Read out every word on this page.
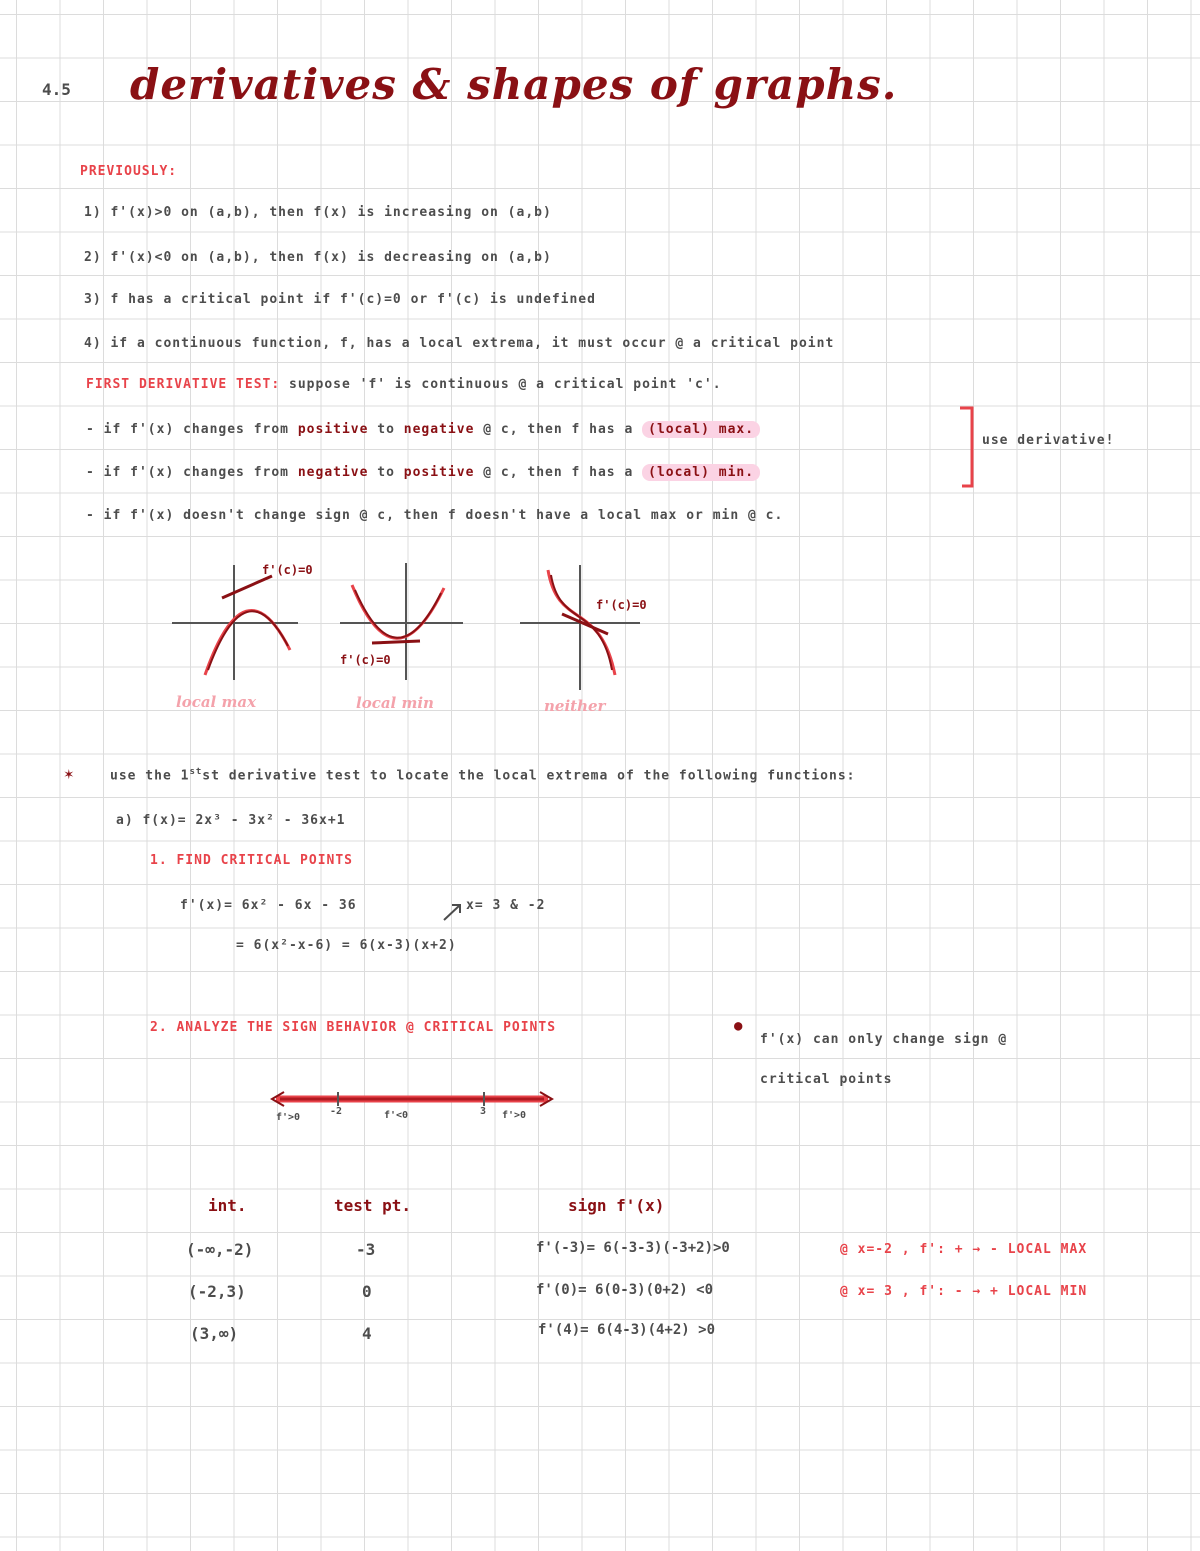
4.5 derivatives & shapes of graphs.
PREVIOUSLY:
1) f'(x)>0 on (a,b), then f(x) is increasing on (a,b)
2) f'(x)<0 on (a,b), then f(x) is decreasing on (a,b)
3) f has a critical point if f'(c)=0 or f'(c) is undefined
4) if a continuous function, f, has a local extrema, it must occur @ a critical point
FIRST DERIVATIVE TEST: suppose 'f' is continuous @ a critical point 'c'.
- if f'(x) changes from positive to negative @ c, then f has a (local) max.
- if f'(x) changes from negative to positive @ c, then f has a (local) min.
- if f'(x) doesn't change sign @ c, then f doesn't have a local max or min @ c.
use derivative!
f'(c)=0
f'(c)=0
f'(c)=0
local max	local min	neither
✶	use the 1stst derivative test to locate the local extrema of the following functions:
a) f(x)= 2x³ - 3x² - 36x+1
1. FIND CRITICAL POINTS
f'(x)= 6x² - 6x - 36
= 6(x²-x-6) = 6(x-3)(x+2)
x= 3 & -2
2. ANALYZE THE SIGN BEHAVIOR @ CRITICAL POINTS	●
f'(x) can only change sign @ critical points
-2	3
f'>0	f'<0	f'>0
int.	test pt.	sign f'(x)
(-∞,-2)	-3	f'(-3)= 6(-3-3)(-3+2)>0
(-2,3)	0	f'(0)= 6(0-3)(0+2) <0
(3,∞)	4	f'(4)= 6(4-3)(4+2) >0
@ x=-2 , f': + → - LOCAL MAX
@ x= 3 , f': - → + LOCAL MIN
